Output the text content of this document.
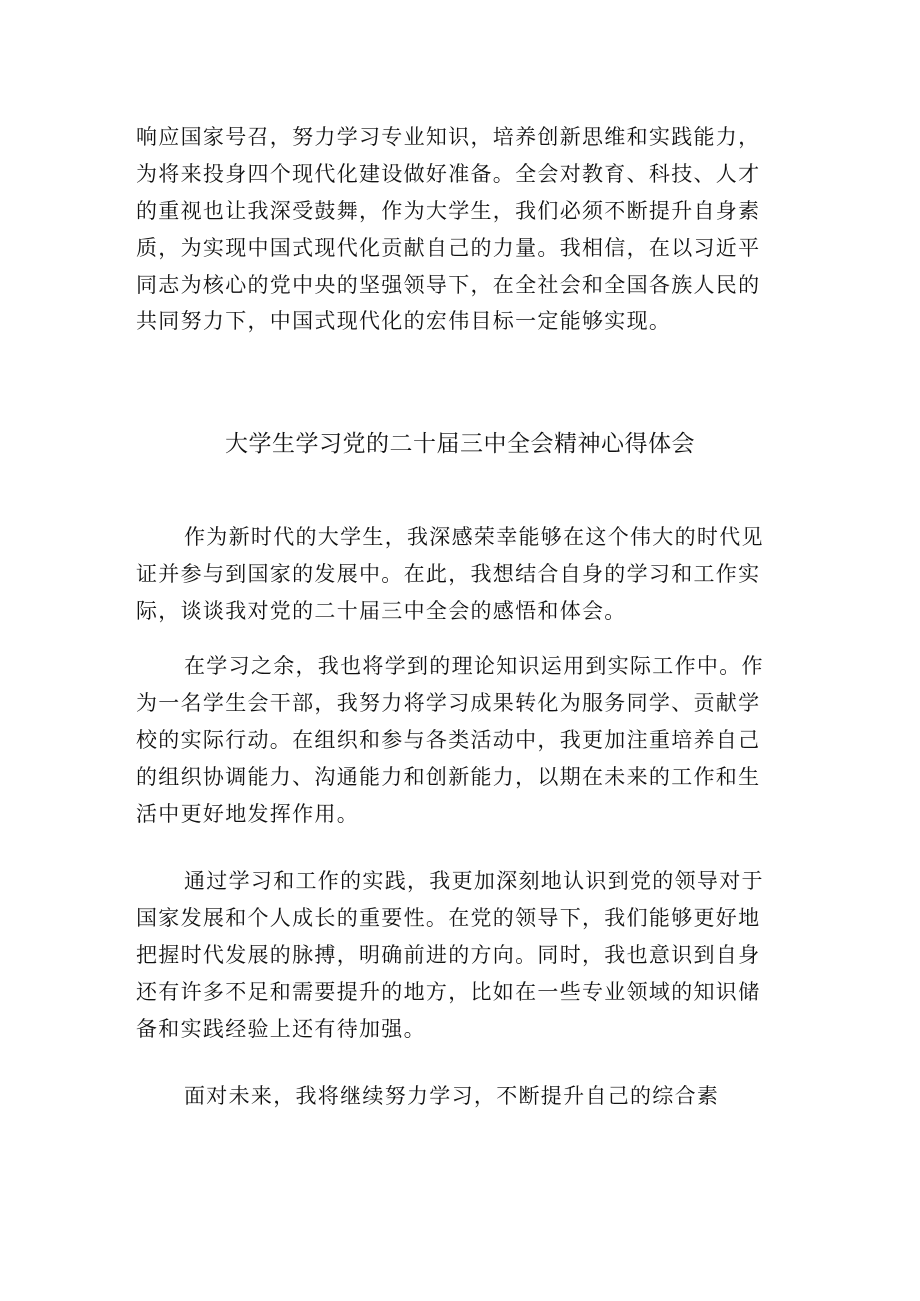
响应国家号召，努力学习专业知识，培养创新思维和实践能力，
为将来投身四个现代化建设做好准备。全会对教育、科技、人才
的重视也让我深受鼓舞，作为大学生，我们必须不断提升自身素
质，为实现中国式现代化贡献自己的力量。我相信，在以习近平
同志为核心的党中央的坚强领导下，在全社会和全国各族人民的
共同努力下，中国式现代化的宏伟目标一定能够实现。
大学生学习党的二十届三中全会精神心得体会
作为新时代的大学生，我深感荣幸能够在这个伟大的时代见
证并参与到国家的发展中。在此，我想结合自身的学习和工作实
际，谈谈我对党的二十届三中全会的感悟和体会。
在学习之余，我也将学到的理论知识运用到实际工作中。作
为一名学生会干部，我努力将学习成果转化为服务同学、贡献学
校的实际行动。在组织和参与各类活动中，我更加注重培养自己
的组织协调能力、沟通能力和创新能力，以期在未来的工作和生
活中更好地发挥作用。
通过学习和工作的实践，我更加深刻地认识到党的领导对于
国家发展和个人成长的重要性。在党的领导下，我们能够更好地
把握时代发展的脉搏，明确前进的方向。同时，我也意识到自身
还有许多不足和需要提升的地方，比如在一些专业领域的知识储
备和实践经验上还有待加强。
面对未来，我将继续努力学习，不断提升自己的综合素
